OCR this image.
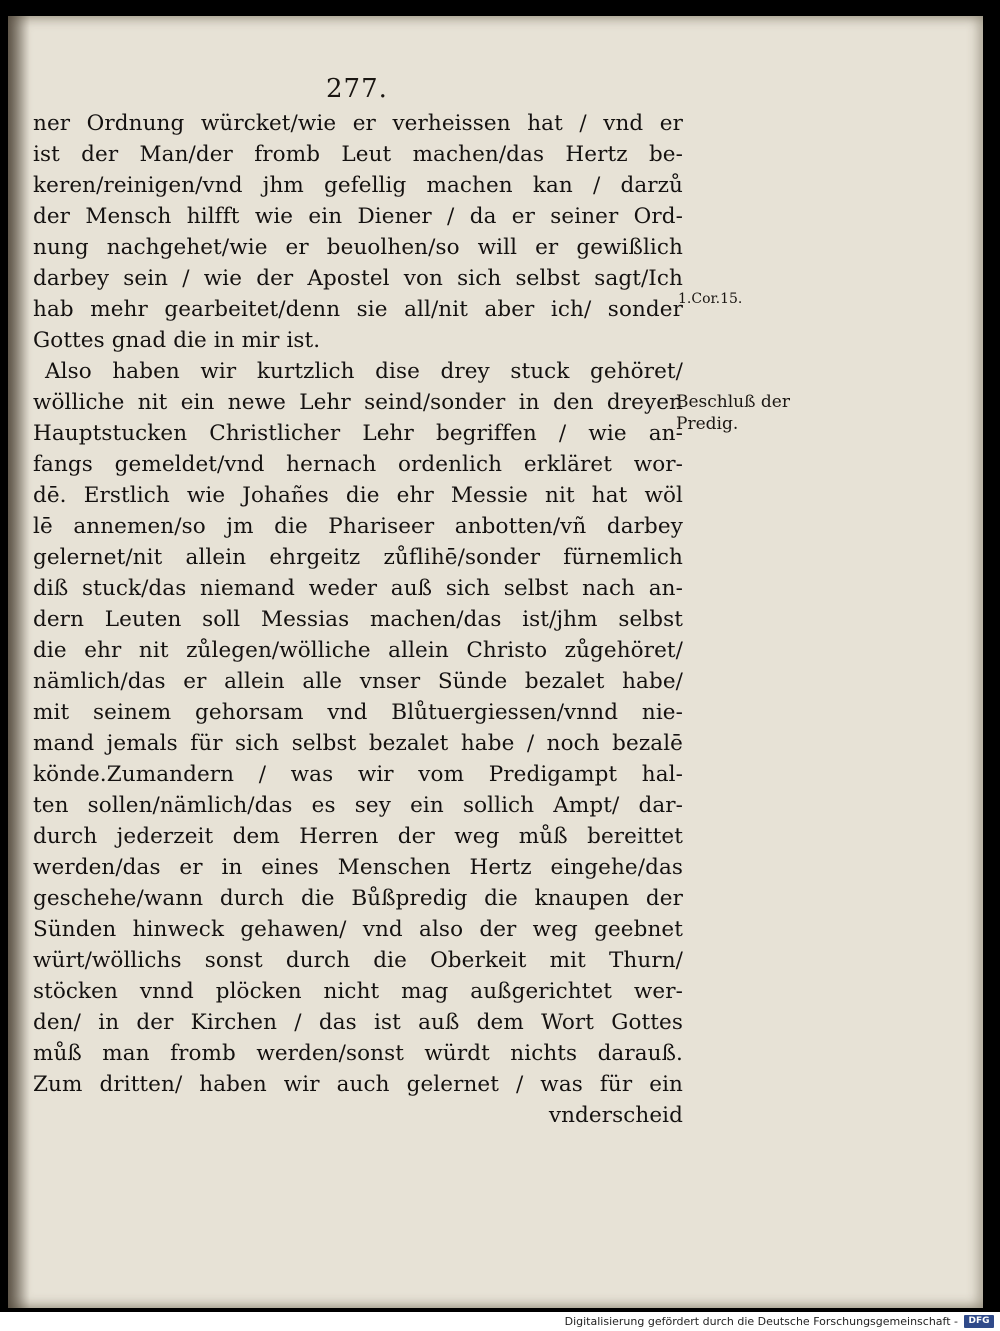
277.
ner Ordnung würcket/wie er verheissen hat / vnd er
ist der Man/der fromb Leut machen/das Hertz be-
keren/reinigen/vnd jhm gefellig machen kan / darzů
der Mensch hilfft wie ein Diener / da er seiner Ord-
nung nachgehet/wie er beuolhen/so will er gewißlich
darbey sein / wie der Apostel von sich selbst sagt/Ich
hab mehr gearbeitet/denn sie all/nit aber ich/ sonder
Gottes gnad die in mir ist.
Also haben wir kurtzlich dise drey stuck gehöret/
wölliche nit ein newe Lehr seind/sonder in den dreyen
Hauptstucken Christlicher Lehr begriffen / wie an-
fangs gemeldet/vnd hernach ordenlich erkläret wor-
dē. Erstlich wie Johañes die ehr Messie nit hat wöl
lē annemen/so jm die Phariseer anbotten/vñ darbey
gelernet/nit allein ehrgeitz zůflihē/sonder fürnemlich
diß stuck/das niemand weder auß sich selbst nach an-
dern Leuten soll Messias machen/das ist/jhm selbst
die ehr nit zůlegen/wölliche allein Christo zůgehöret/
nämlich/das er allein alle vnser Sünde bezalet habe/
mit seinem gehorsam vnd Blůtuergiessen/vnnd nie-
mand jemals für sich selbst bezalet habe / noch bezalē
könde.Zumandern / was wir vom Predigampt hal-
ten sollen/nämlich/das es sey ein sollich Ampt/ dar-
durch jederzeit dem Herren der weg můß bereittet
werden/das er in eines Menschen Hertz eingehe/das
geschehe/wann durch die Bůßpredig die knaupen der
Sünden hinweck gehawen/ vnd also der weg geebnet
würt/wöllichs sonst durch die Oberkeit mit Thurn/
stöcken vnnd plöcken nicht mag außgerichtet wer-
den/ in der Kirchen / das ist auß dem Wort Gottes
můß man fromb werden/sonst würdt nichts darauß.
Zum dritten/ haben wir auch gelernet / was für ein
vnderscheid
1.Cor.15.
Beschluß der
Predig.
Digitalisierung gefördert durch die Deutsche Forschungsgemeinschaft -	DFG
